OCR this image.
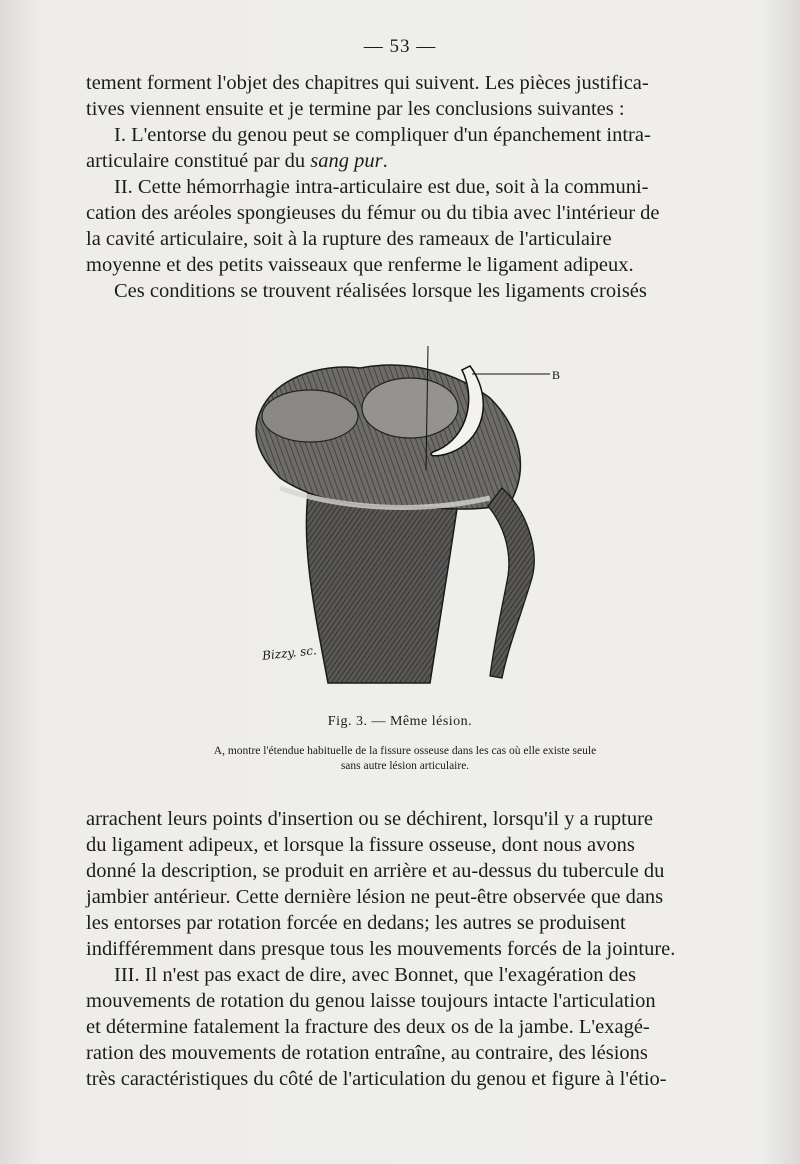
— 53 —

tement forment l'objet des chapitres qui suivent. Les pièces justifica-

tives viennent ensuite et je termine par les conclusions suivantes :

I. L'entorse du genou peut se compliquer d'un épanchement intra-

articulaire constitué par du sang pur.

II. Cette hémorrhagie intra-articulaire est due, soit à la communi-

cation des aréoles spongieuses du fémur ou du tibia avec l'intérieur de

la cavité articulaire, soit à la rupture des rameaux de l'articulaire

moyenne et des petits vaisseaux que renferme le ligament adipeux.

Ces conditions se trouvent réalisées lorsque les ligaments croisés

B
Bizzy. sc.
Fig. 3. — Même lésion.
A, montre l'étendue habituelle de la fissure osseuse dans les cas où elle existe seule
sans autre lésion articulaire.

arrachent leurs points d'insertion ou se déchirent, lorsqu'il y a rupture

du ligament adipeux, et lorsque la fissure osseuse, dont nous avons

donné la description, se produit en arrière et au-dessus du tubercule du

jambier antérieur. Cette dernière lésion ne peut-être observée que dans

les entorses par rotation forcée en dedans; les autres se produisent

indifféremment dans presque tous les mouvements forcés de la jointure.

III. Il n'est pas exact de dire, avec Bonnet, que l'exagération des

mouvements de rotation du genou laisse toujours intacte l'articulation

et détermine fatalement la fracture des deux os de la jambe. L'exagé-

ration des mouvements de rotation entraîne, au contraire, des lésions

très caractéristiques du côté de l'articulation du genou et figure à l'étio-
